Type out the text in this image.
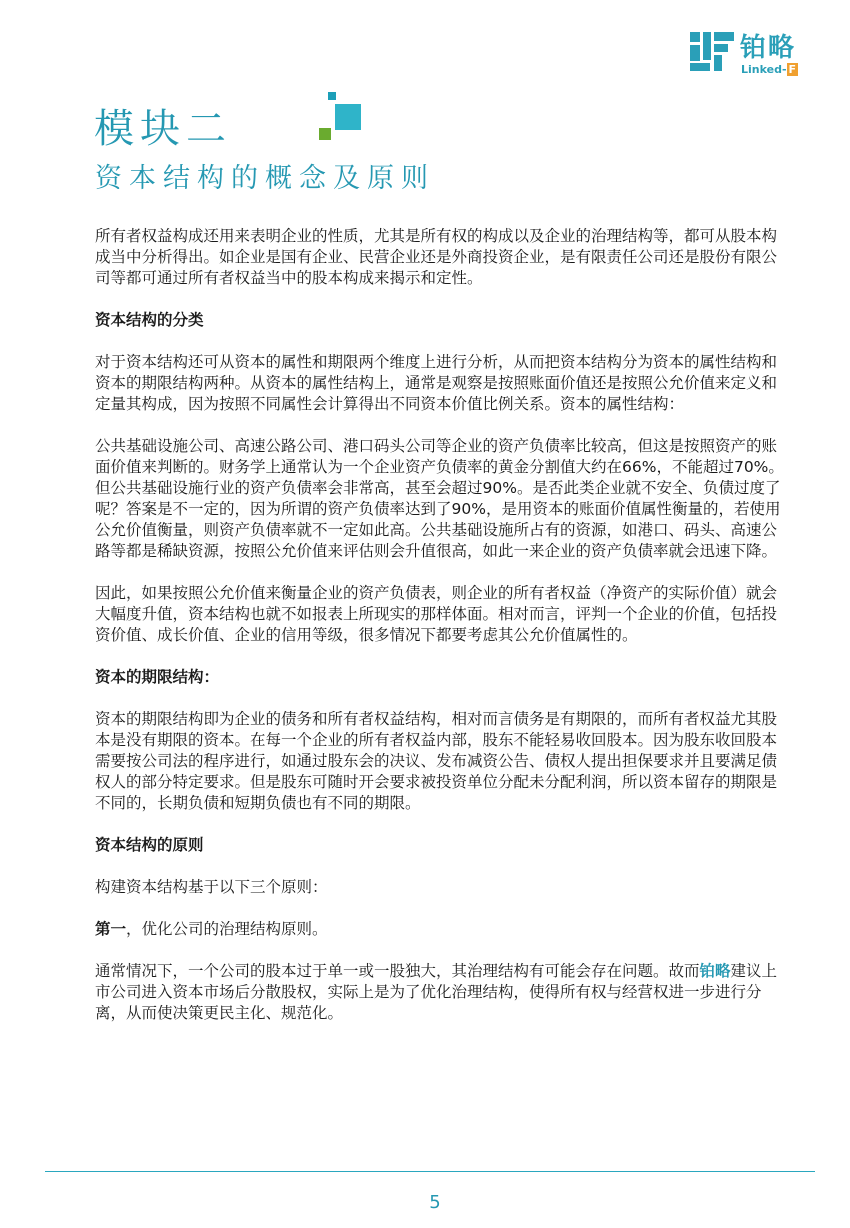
铂略
Linked- F
模块二
资本结构的概念及原则

所有者权益构成还用来表明企业的性质，尤其是所有权的构成以及企业的治理结构等，都可从股本构成当中分析得出。如企业是国有企业、民营企业还是外商投资企业，是有限责任公司还是股份有限公司等都可通过所有者权益当中的股本构成来揭示和定性。

资本结构的分类

对于资本结构还可从资本的属性和期限两个维度上进行分析，从而把资本结构分为资本的属性结构和资本的期限结构两种。从资本的属性结构上，通常是观察是按照账面价值还是按照公允价值来定义和定量其构成，因为按照不同属性会计算得出不同资本价值比例关系。资本的属性结构：

公共基础设施公司、高速公路公司、港口码头公司等企业的资产负债率比较高，但这是按照资产的账面价值来判断的。财务学上通常认为一个企业资产负债率的黄金分割值大约在66%，不能超过70%。但公共基础设施行业的资产负债率会非常高，甚至会超过90%。是否此类企业就不安全、负债过度了呢？答案是不一定的，因为所谓的资产负债率达到了90%，是用资本的账面价值属性衡量的，若使用公允价值衡量，则资产负债率就不一定如此高。公共基础设施所占有的资源，如港口、码头、高速公路等都是稀缺资源，按照公允价值来评估则会升值很高，如此一来企业的资产负债率就会迅速下降。

因此，如果按照公允价值来衡量企业的资产负债表，则企业的所有者权益（净资产的实际价值）就会大幅度升值，资本结构也就不如报表上所现实的那样体面。相对而言，评判一个企业的价值，包括投资价值、成长价值、企业的信用等级，很多情况下都要考虑其公允价值属性的。

资本的期限结构：

资本的期限结构即为企业的债务和所有者权益结构，相对而言债务是有期限的，而所有者权益尤其股本是没有期限的资本。在每一个企业的所有者权益内部，股东不能轻易收回股本。因为股东收回股本需要按公司法的程序进行，如通过股东会的决议、发布减资公告、债权人提出担保要求并且要满足债权人的部分特定要求。但是股东可随时开会要求被投资单位分配未分配利润，所以资本留存的期限是不同的，长期负债和短期负债也有不同的期限。

资本结构的原则

构建资本结构基于以下三个原则：

第一，优化公司的治理结构原则。

通常情况下，一个公司的股本过于单一或一股独大，其治理结构有可能会存在问题。故而铂略建议上市公司进入资本市场后分散股权，实际上是为了优化治理结构，使得所有权与经营权进一步进行分离，从而使决策更民主化、规范化。

5
